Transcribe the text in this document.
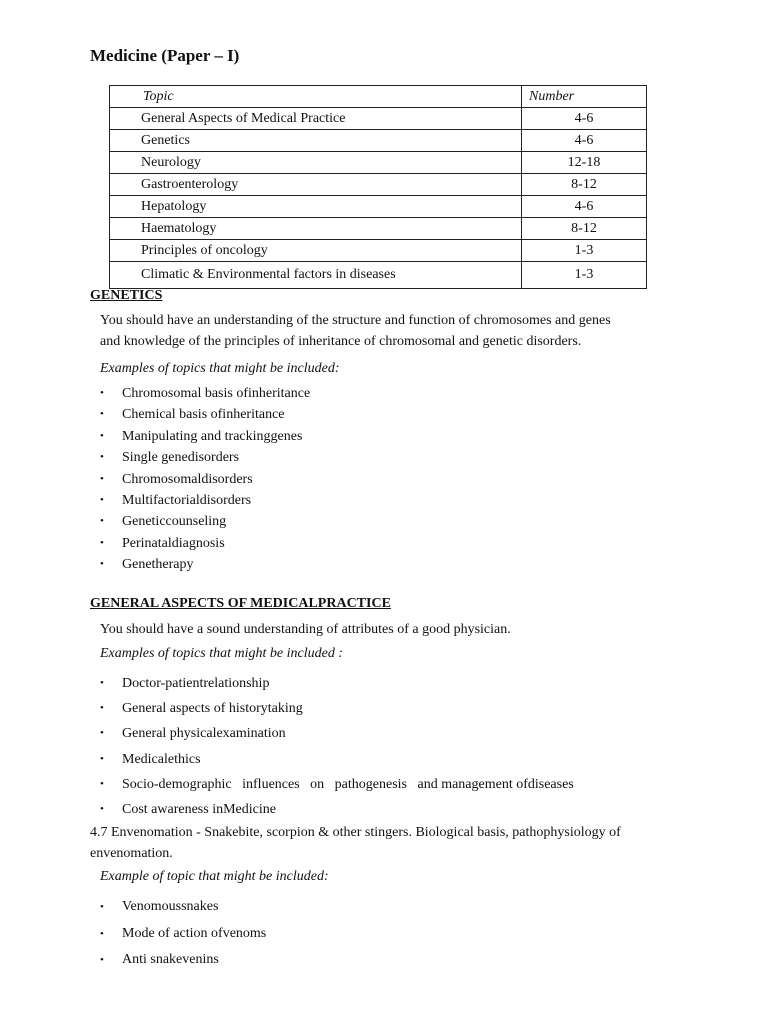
Medicine (Paper – I)
Topic	Number
General Aspects of Medical Practice	4-6
Genetics	4-6
Neurology	12-18
Gastroenterology	8-12
Hepatology	4-6
Haematology	8-12
Principles of oncology	1-3
Climatic & Environmental factors in diseases	1-3
GENETICS
You should have an understanding of the structure and function of chromosomes and genes
and knowledge of the principles of inheritance of chromosomal and genetic disorders.
Examples of topics that might be included:
• Chromosomal basis ofinheritance
• Chemical basis ofinheritance
• Manipulating and trackinggenes
• Single genedisorders
• Chromosomaldisorders
• Multifactorialdisorders
• Geneticcounseling
• Perinataldiagnosis
• Genetherapy
GENERAL ASPECTS OF MEDICALPRACTICE
You should have a sound understanding of attributes of a good physician.
Examples of topics that might be included :
• Doctor-patientrelationship
• General aspects of historytaking
• General physicalexamination
• Medicalethics
• Socio-demographic   influences   on   pathogenesis   and management ofdiseases
• Cost awareness inMedicine
4.7 Envenomation - Snakebite, scorpion & other stingers. Biological basis, pathophysiology of
envenomation.
Example of topic that might be included:
• Venomoussnakes
• Mode of action ofvenoms
• Anti snakevenins
